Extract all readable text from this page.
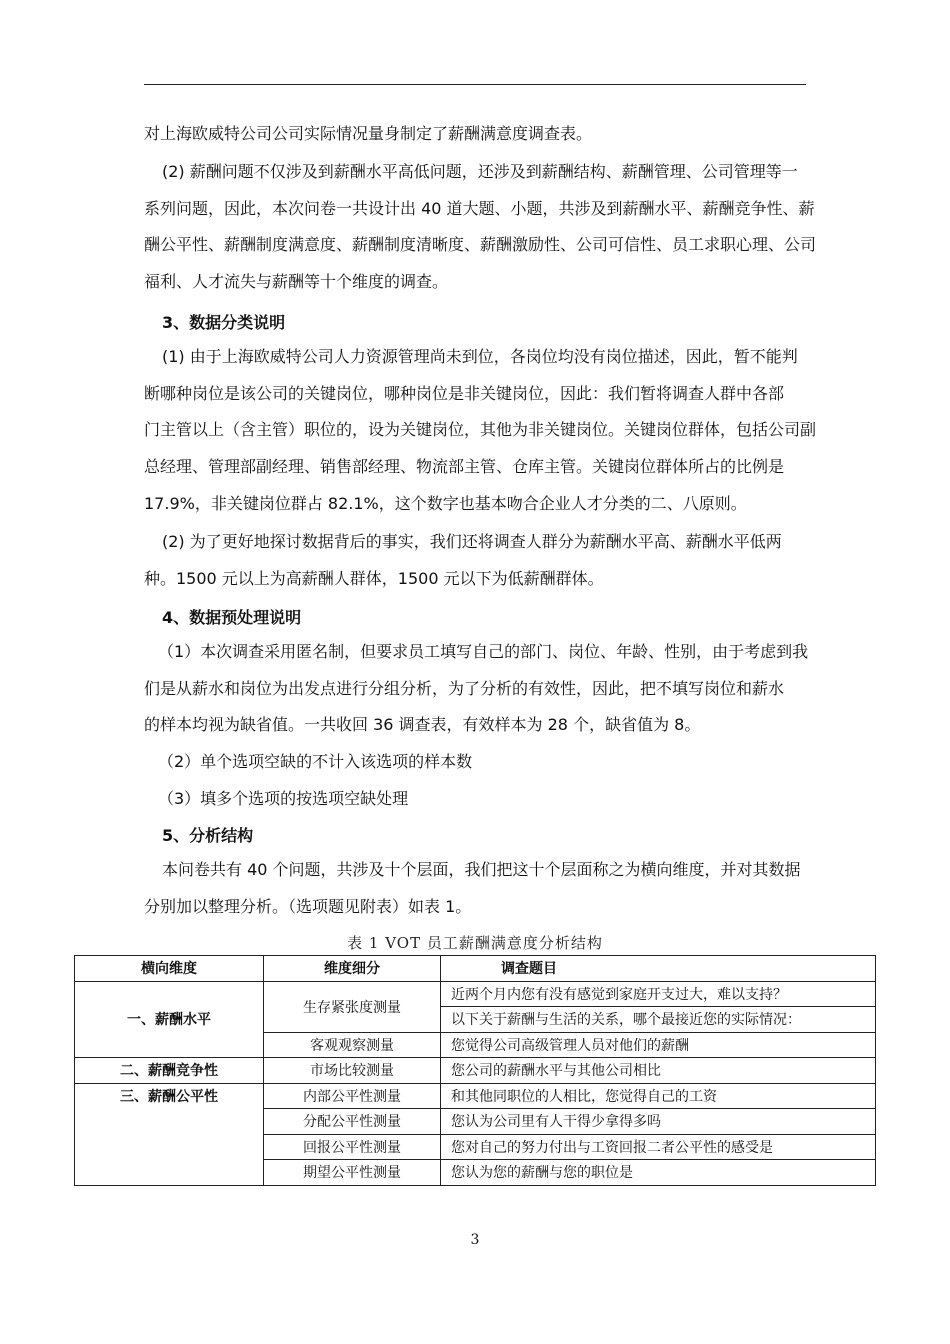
对上海欧威特公司公司实际情况量身制定了薪酬满意度调查表。
(2) 薪酬问题不仅涉及到薪酬水平高低问题，还涉及到薪酬结构、薪酬管理、公司管理等一
系列问题，因此，本次问卷一共设计出 40 道大题、小题，共涉及到薪酬水平、薪酬竞争性、薪
酬公平性、薪酬制度满意度、薪酬制度清晰度、薪酬激励性、公司可信性、员工求职心理、公司
福利、人才流失与薪酬等十个维度的调查。
3、数据分类说明
(1) 由于上海欧威特公司人力资源管理尚未到位，各岗位均没有岗位描述，因此，暂不能判
断哪种岗位是该公司的关键岗位，哪种岗位是非关键岗位，因此：我们暂将调查人群中各部
门主管以上（含主管）职位的，设为关键岗位，其他为非关键岗位。关键岗位群体，包括公司副
总经理、管理部副经理、销售部经理、物流部主管、仓库主管。关键岗位群体所占的比例是
17.9%，非关键岗位群占 82.1%，这个数字也基本吻合企业人才分类的二、八原则。
(2) 为了更好地探讨数据背后的事实，我们还将调查人群分为薪酬水平高、薪酬水平低两
种。1500 元以上为高薪酬人群体，1500 元以下为低薪酬群体。
4、数据预处理说明
（1）本次调查采用匿名制，但要求员工填写自己的部门、岗位、年龄、性别，由于考虑到我
们是从薪水和岗位为出发点进行分组分析，为了分析的有效性，因此，把不填写岗位和薪水
的样本均视为缺省值。一共收回 36 调查表，有效样本为 28 个，缺省值为 8。
（2）单个选项空缺的不计入该选项的样本数
（3）填多个选项的按选项空缺处理
5、分析结构
本问卷共有 40 个问题，共涉及十个层面，我们把这十个层面称之为横向维度，并对其数据
分别加以整理分析。（选项题见附表）如表 1。
表 1 VOT 员工薪酬满意度分析结构
横向维度	维度细分	调查题目
一、薪酬水平	生存紧张度测量	近两个月内您有没有感觉到家庭开支过大，难以支持？
		以下关于薪酬与生活的关系，哪个最接近您的实际情况：
	客观观察测量	您觉得公司高级管理人员对他们的薪酬
二、薪酬竞争性	市场比较测量	您公司的薪酬水平与其他公司相比
三、薪酬公平性	内部公平性测量	和其他同职位的人相比，您觉得自己的工资
	分配公平性测量	您认为公司里有人干得少拿得多吗
	回报公平性测量	您对自己的努力付出与工资回报二者公平性的感受是
	期望公平性测量	您认为您的薪酬与您的职位是
3
